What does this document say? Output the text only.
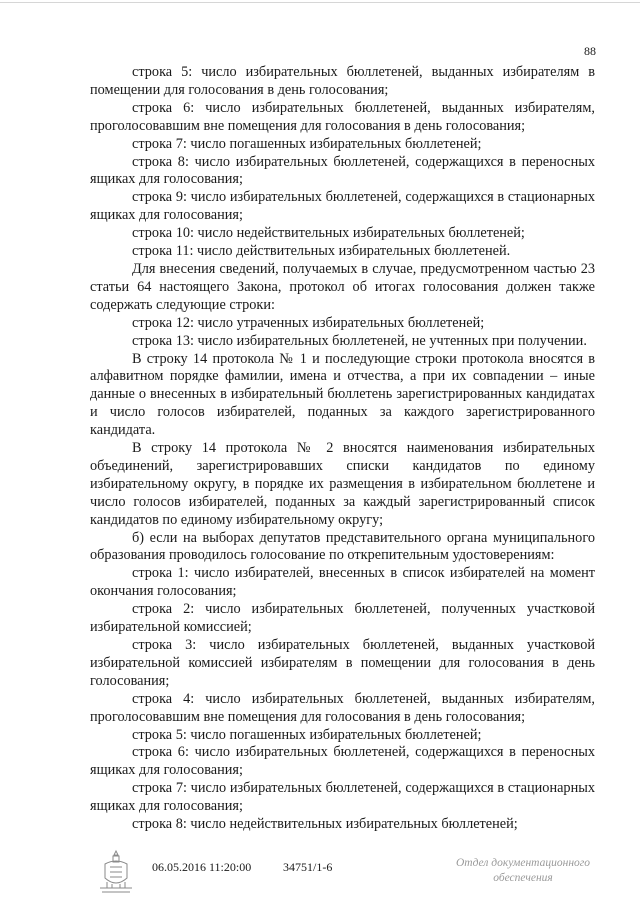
88

строка 5: число избирательных бюллетеней, выданных избирателям в помещении для голосования в день голосования;

строка 6: число избирательных бюллетеней, выданных избирателям, проголосовавшим вне помещения для голосования в день голосования;

строка 7: число погашенных избирательных бюллетеней;

строка 8: число избирательных бюллетеней, содержащихся в переносных ящиках для голосования;

строка 9: число избирательных бюллетеней, содержащихся в стационарных ящиках для голосования;

строка 10: число недействительных избирательных бюллетеней;

строка 11: число действительных избирательных бюллетеней.

Для внесения сведений, получаемых в случае, предусмотренном частью 23 статьи 64 настоящего Закона, протокол об итогах голосования должен также содержать следующие строки:

строка 12: число утраченных избирательных бюллетеней;

строка 13: число избирательных бюллетеней, не учтенных при получении.

В строку 14 протокола № 1 и последующие строки протокола вносятся в алфавитном порядке фамилии, имена и отчества, а при их совпадении – иные данные о внесенных в избирательный бюллетень зарегистрированных кандидатах и число голосов избирателей, поданных за каждого зарегистрированного кандидата.

В строку 14 протокола № 2 вносятся наименования избирательных объединений, зарегистрировавших списки кандидатов по единому избирательному округу, в порядке их размещения в избирательном бюллетене и число голосов избирателей, поданных за каждый зарегистрированный список кандидатов по единому избирательному округу;

б) если на выборах депутатов представительного органа муниципального образования проводилось голосование по открепительным удостоверениям:

строка 1: число избирателей, внесенных в список избирателей на момент окончания голосования;

строка 2: число избирательных бюллетеней, полученных участковой избирательной комиссией;

строка 3: число избирательных бюллетеней, выданных участковой избирательной комиссией избирателям в помещении для голосования в день голосования;

строка 4: число избирательных бюллетеней, выданных избирателям, проголосовавшим вне помещения для голосования в день голосования;

строка 5: число погашенных избирательных бюллетеней;

строка 6: число избирательных бюллетеней, содержащихся в переносных ящиках для голосования;

строка 7: число избирательных бюллетеней, содержащихся в стационарных ящиках для голосования;

строка 8: число недействительных избирательных бюллетеней;

06.05.2016 11:20:00	34751/1-6	Отдел документационного
обеспечения
